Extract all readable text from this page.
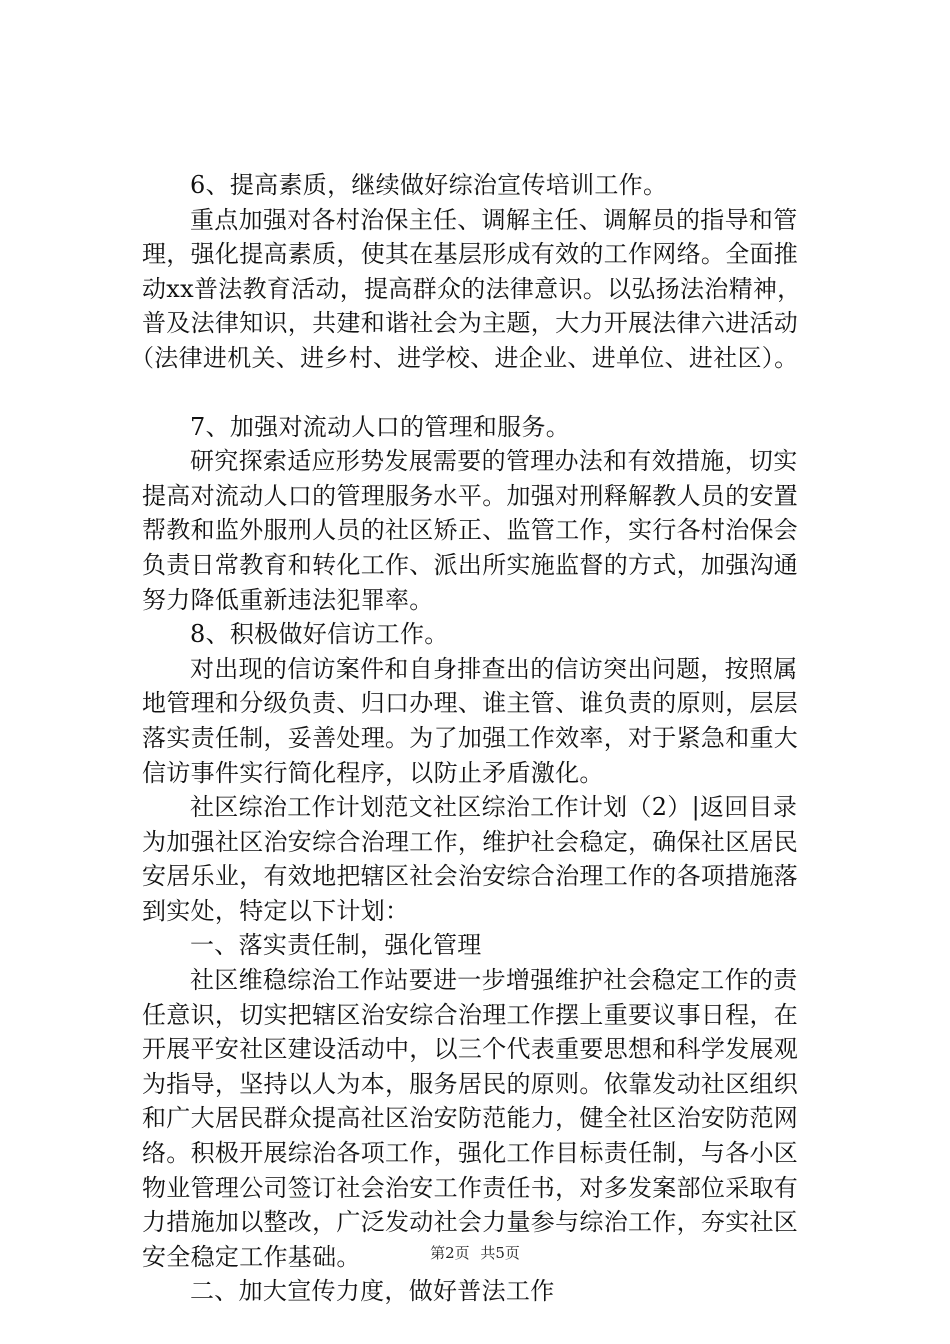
6、提高素质，继续做好综治宣传培训工作。
重点加强对各村治保主任、调解主任、调解员的指导和管
理，强化提高素质，使其在基层形成有效的工作网络。全面推
动xx普法教育活动，提高群众的法律意识。以弘扬法治精神，
普及法律知识，共建和谐社会为主题，大力开展法律六进活动
（法律进机关、进乡村、进学校、进企业、进单位、进社区）。
7、加强对流动人口的管理和服务。
研究探索适应形势发展需要的管理办法和有效措施，切实
提高对流动人口的管理服务水平。加强对刑释解教人员的安置
帮教和监外服刑人员的社区矫正、监管工作，实行各村治保会
负责日常教育和转化工作、派出所实施监督的方式，加强沟通
努力降低重新违法犯罪率。
8、积极做好信访工作。
对出现的信访案件和自身排查出的信访突出问题，按照属
地管理和分级负责、归口办理、谁主管、谁负责的原则，层层
落实责任制，妥善处理。为了加强工作效率，对于紧急和重大
信访事件实行简化程序，以防止矛盾激化。
社区综治工作计划范文社区综治工作计划（2）|返回目录
为加强社区治安综合治理工作，维护社会稳定，确保社区居民
安居乐业，有效地把辖区社会治安综合治理工作的各项措施落
到实处，特定以下计划：
一、落实责任制，强化管理
社区维稳综治工作站要进一步增强维护社会稳定工作的责
任意识，切实把辖区治安综合治理工作摆上重要议事日程，在
开展平安社区建设活动中，以三个代表重要思想和科学发展观
为指导，坚持以人为本，服务居民的原则。依靠发动社区组织
和广大居民群众提高社区治安防范能力，健全社区治安防范网
络。积极开展综治各项工作，强化工作目标责任制，与各小区
物业管理公司签订社会治安工作责任书，对多发案部位采取有
力措施加以整改，广泛发动社会力量参与综治工作，夯实社区
安全稳定工作基础。
二、加大宣传力度，做好普法工作
第2页 共5页
